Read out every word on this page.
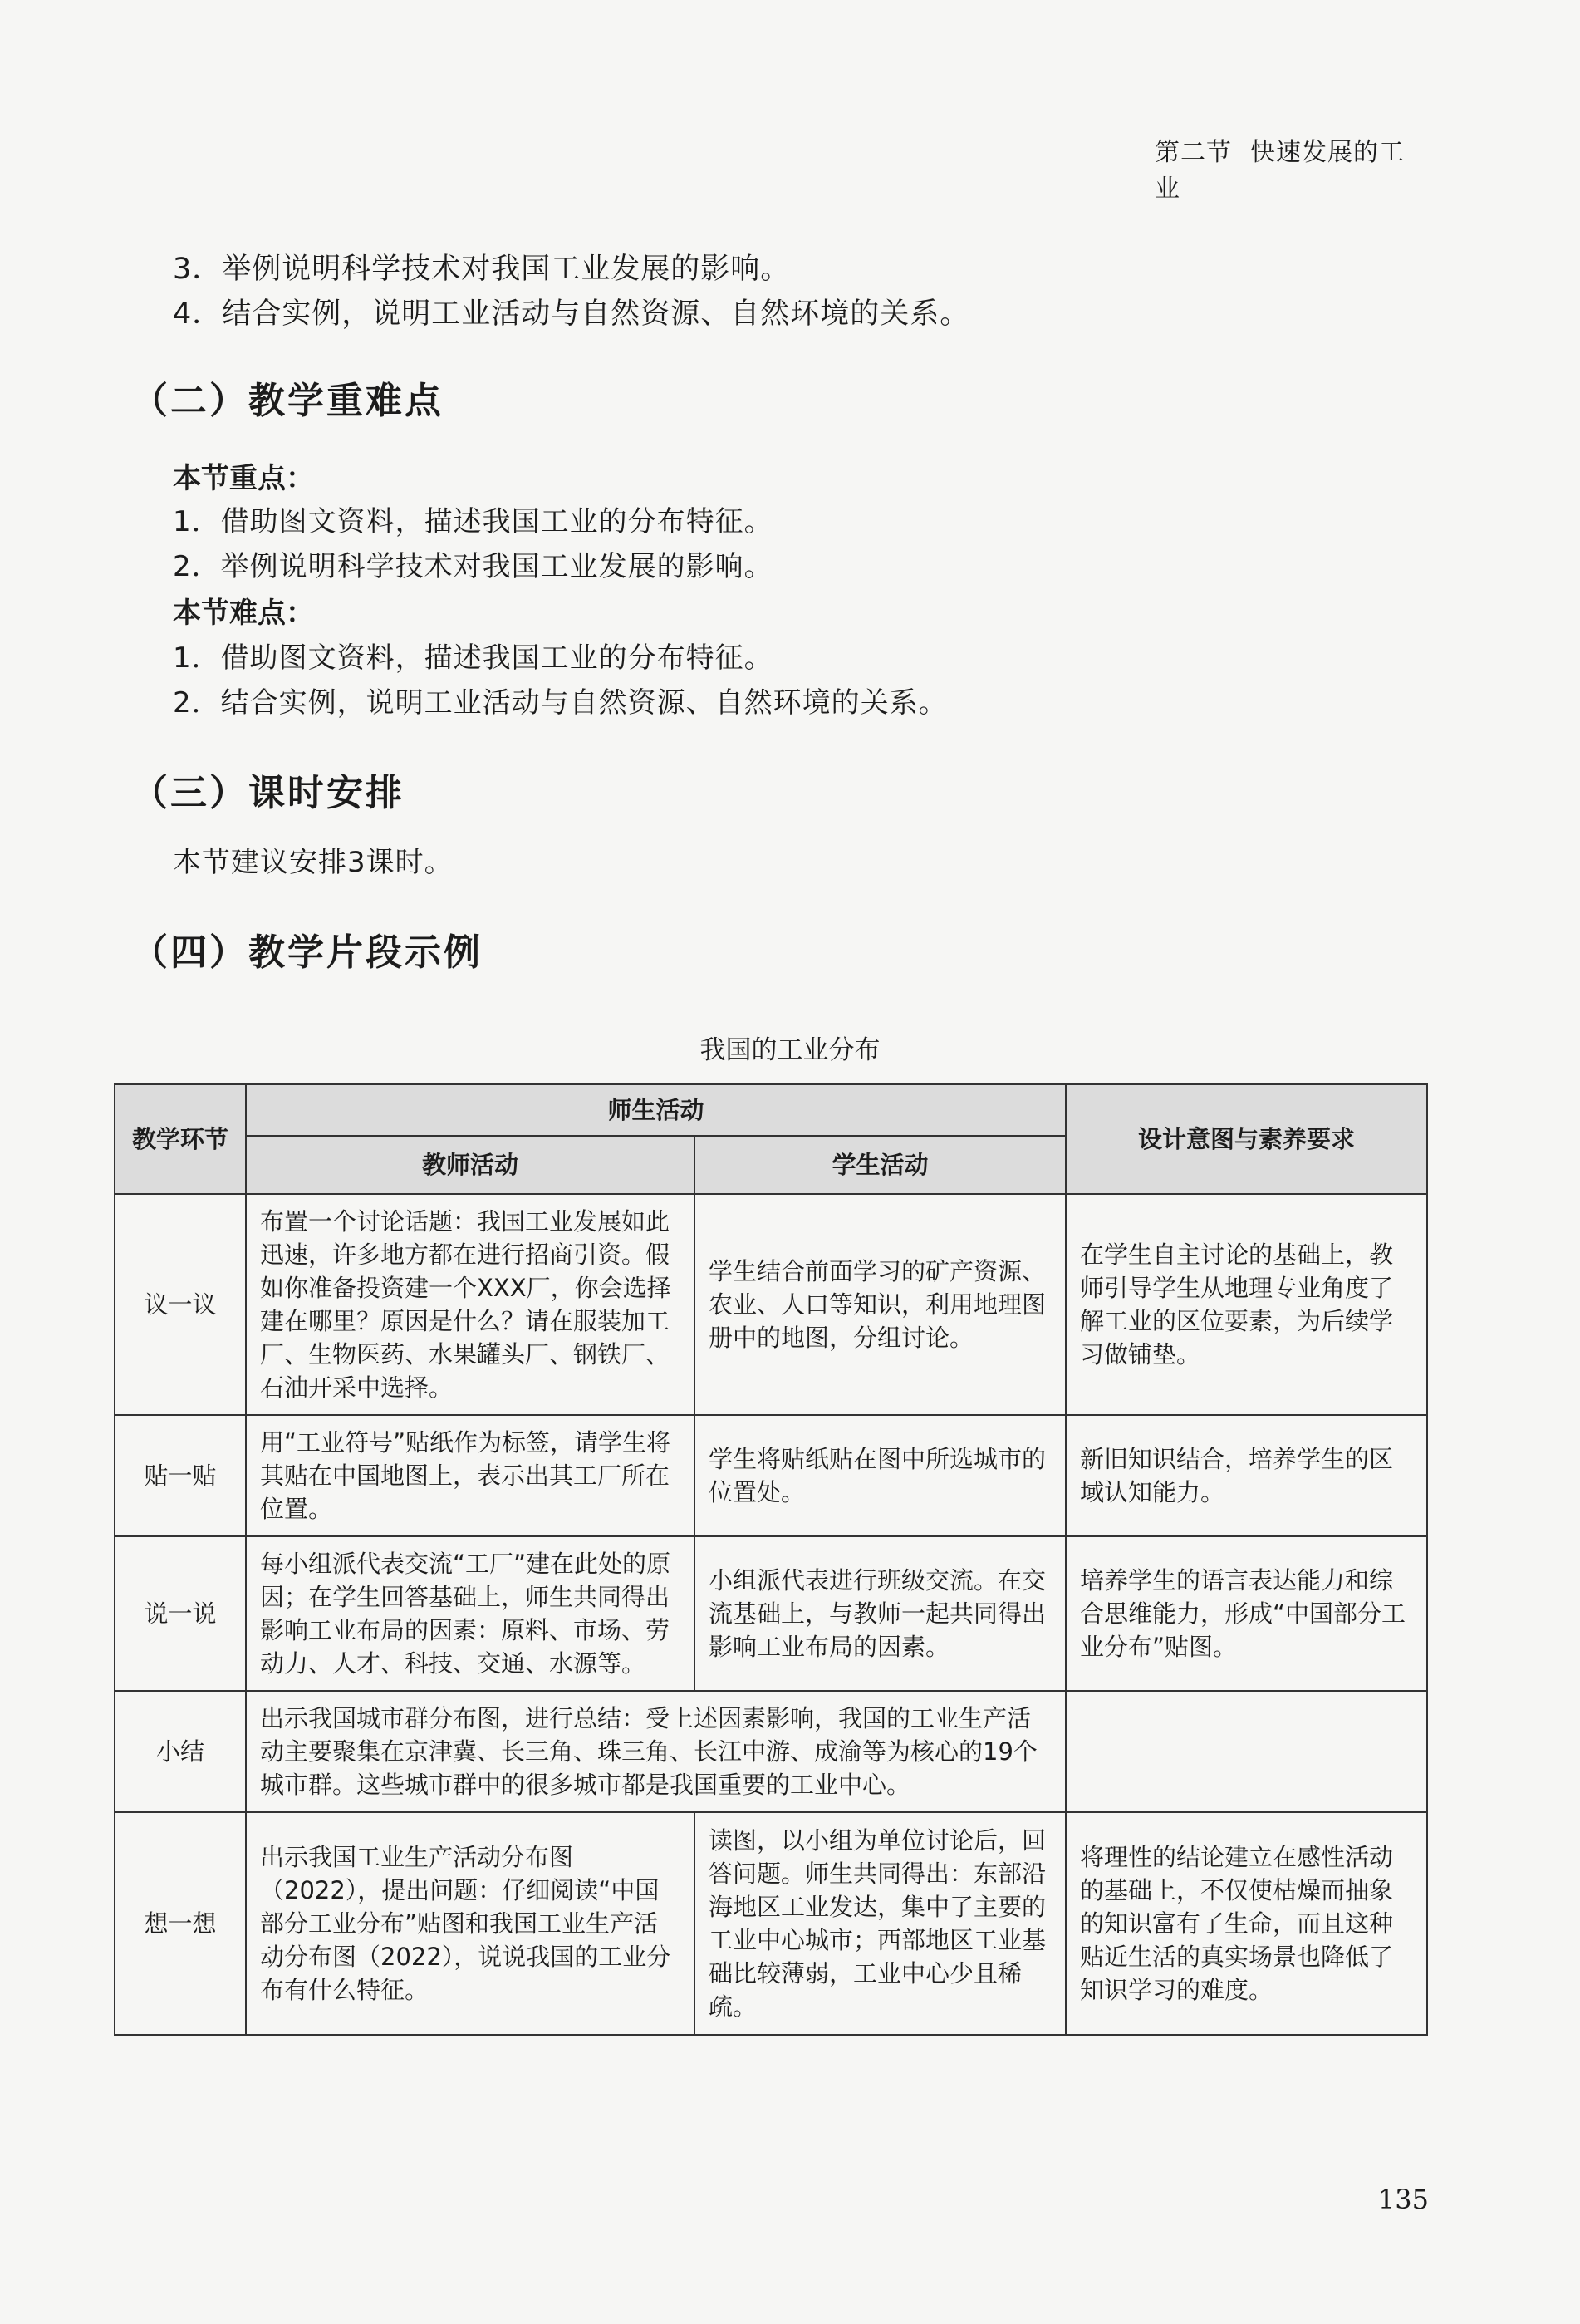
第二节 快速发展的工业
3．举例说明科学技术对我国工业发展的影响。
4．结合实例，说明工业活动与自然资源、自然环境的关系。
（二）教学重难点
本节重点：
1．借助图文资料，描述我国工业的分布特征。
2．举例说明科学技术对我国工业发展的影响。
本节难点：
1．借助图文资料，描述我国工业的分布特征。
2．结合实例，说明工业活动与自然资源、自然环境的关系。
（三）课时安排
本节建议安排3课时。
（四）教学片段示例
我国的工业分布
教学环节	师生活动		设计意图与素养要求
	教师活动	学生活动	
议一议	布置一个讨论话题：我国工业发展如此迅速，许多地方都在进行招商引资。假如你准备投资建一个XXX厂，你会选择建在哪里？原因是什么？请在服装加工厂、生物医药、水果罐头厂、钢铁厂、石油开采中选择。	学生结合前面学习的矿产资源、农业、人口等知识，利用地理图册中的地图，分组讨论。	在学生自主讨论的基础上，教师引导学生从地理专业角度了解工业的区位要素，为后续学习做铺垫。
贴一贴	用“工业符号”贴纸作为标签，请学生将其贴在中国地图上，表示出其工厂所在位置。	学生将贴纸贴在图中所选城市的位置处。	新旧知识结合，培养学生的区域认知能力。
说一说	每小组派代表交流“工厂”建在此处的原因；在学生回答基础上，师生共同得出影响工业布局的因素：原料、市场、劳动力、人才、科技、交通、水源等。	小组派代表进行班级交流。在交流基础上，与教师一起共同得出影响工业布局的因素。	培养学生的语言表达能力和综合思维能力，形成“中国部分工业分布”贴图。
小结	出示我国城市群分布图，进行总结：受上述因素影响，我国的工业生产活动主要聚集在京津冀、长三角、珠三角、长江中游、成渝等为核心的19个城市群。这些城市群中的很多城市都是我国重要的工业中心。		
想一想	出示我国工业生产活动分布图（2022），提出问题：仔细阅读“中国部分工业分布”贴图和我国工业生产活动分布图（2022），说说我国的工业分布有什么特征。	读图，以小组为单位讨论后，回答问题。师生共同得出：东部沿海地区工业发达，集中了主要的工业中心城市；西部地区工业基础比较薄弱，工业中心少且稀疏。	将理性的结论建立在感性活动的基础上，不仅使枯燥而抽象的知识富有了生命，而且这种贴近生活的真实场景也降低了知识学习的难度。
135
